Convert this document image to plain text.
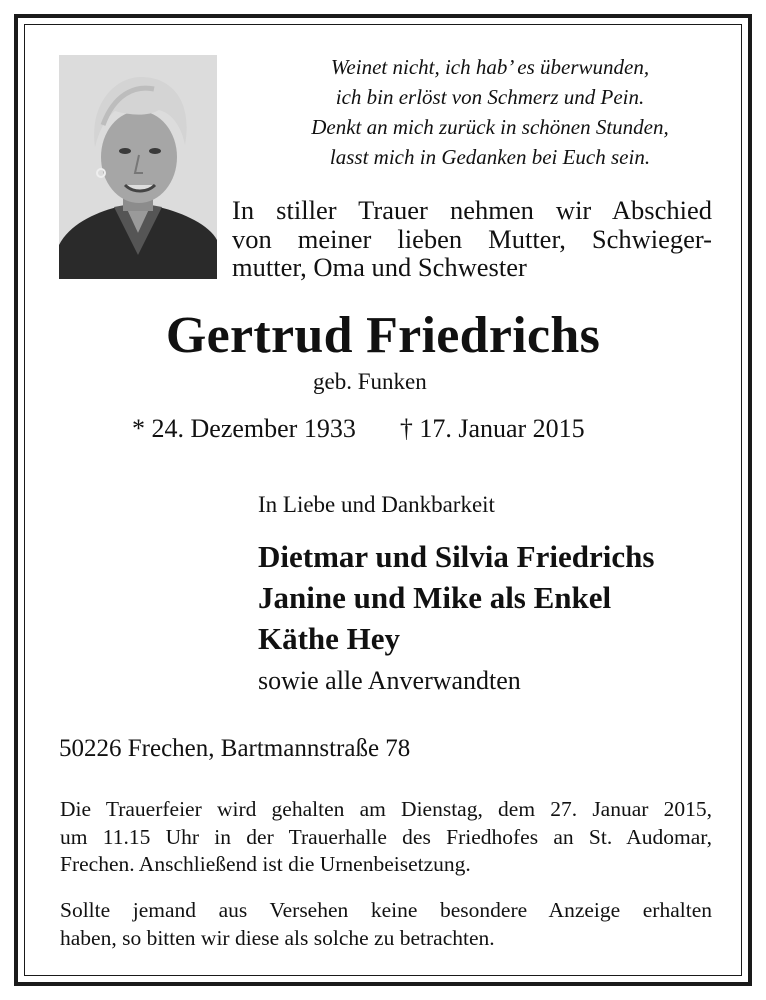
Weinet nicht, ich hab’ es überwunden,
ich bin erlöst von Schmerz und Pein.
Denkt an mich zurück in schönen Stunden,
lasst mich in Gedanken bei Euch sein.
In stiller Trauer nehmen wir Abschied
von meiner lieben Mutter, Schwieger-
mutter, Oma und Schwester
Gertrud Friedrichs
geb. Funken
* 24. Dezember 1933 † 17. Januar 2015
In Liebe und Dankbarkeit
Dietmar und Silvia Friedrichs
Janine und Mike als Enkel
Käthe Hey
sowie alle Anverwandten
50226 Frechen, Bartmannstraße 78
Die Trauerfeier wird gehalten am Dienstag, dem 27. Januar 2015,
um 11.15 Uhr in der Trauerhalle des Friedhofes an St. Audomar,
Frechen. Anschließend ist die Urnenbeisetzung.
Sollte jemand aus Versehen keine besondere Anzeige erhalten
haben, so bitten wir diese als solche zu betrachten.
